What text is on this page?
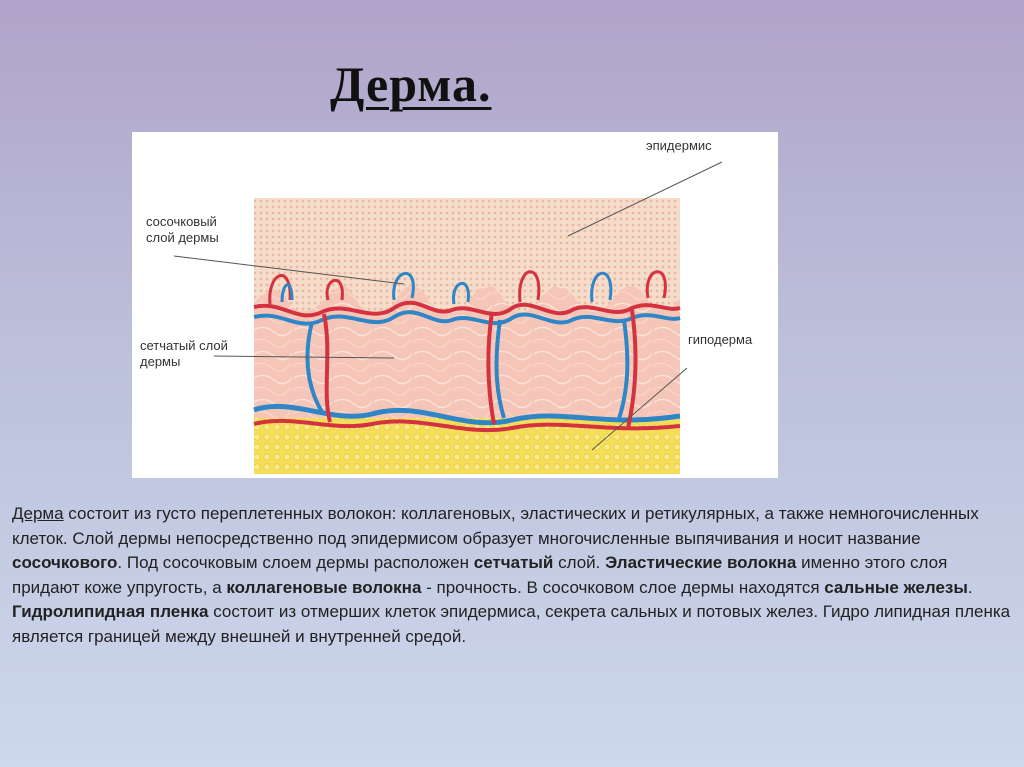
Дерма.
эпидермис
сосочковый
слой дермы
сетчатый слой
дермы
гиподерма
Дерма состоит из густо переплетенных волокон: коллагеновых, эластических и ретикулярных, а также немногочисленных клеток. Слой дермы непосредственно под эпидермисом образует многочисленные выпячивания и носит название сосочкового. Под сосочковым слоем дермы расположен сетчатый слой. Эластические волокна именно этого слоя придают коже упругость, а коллагеновые волокна - прочность. В сосочковом слое дермы находятся сальные железы.
Гидролипидная пленка состоит из отмерших клеток эпидермиса, секрета сальных и потовых желез. Гидро липидная пленка является границей между внешней и внутренней средой.
